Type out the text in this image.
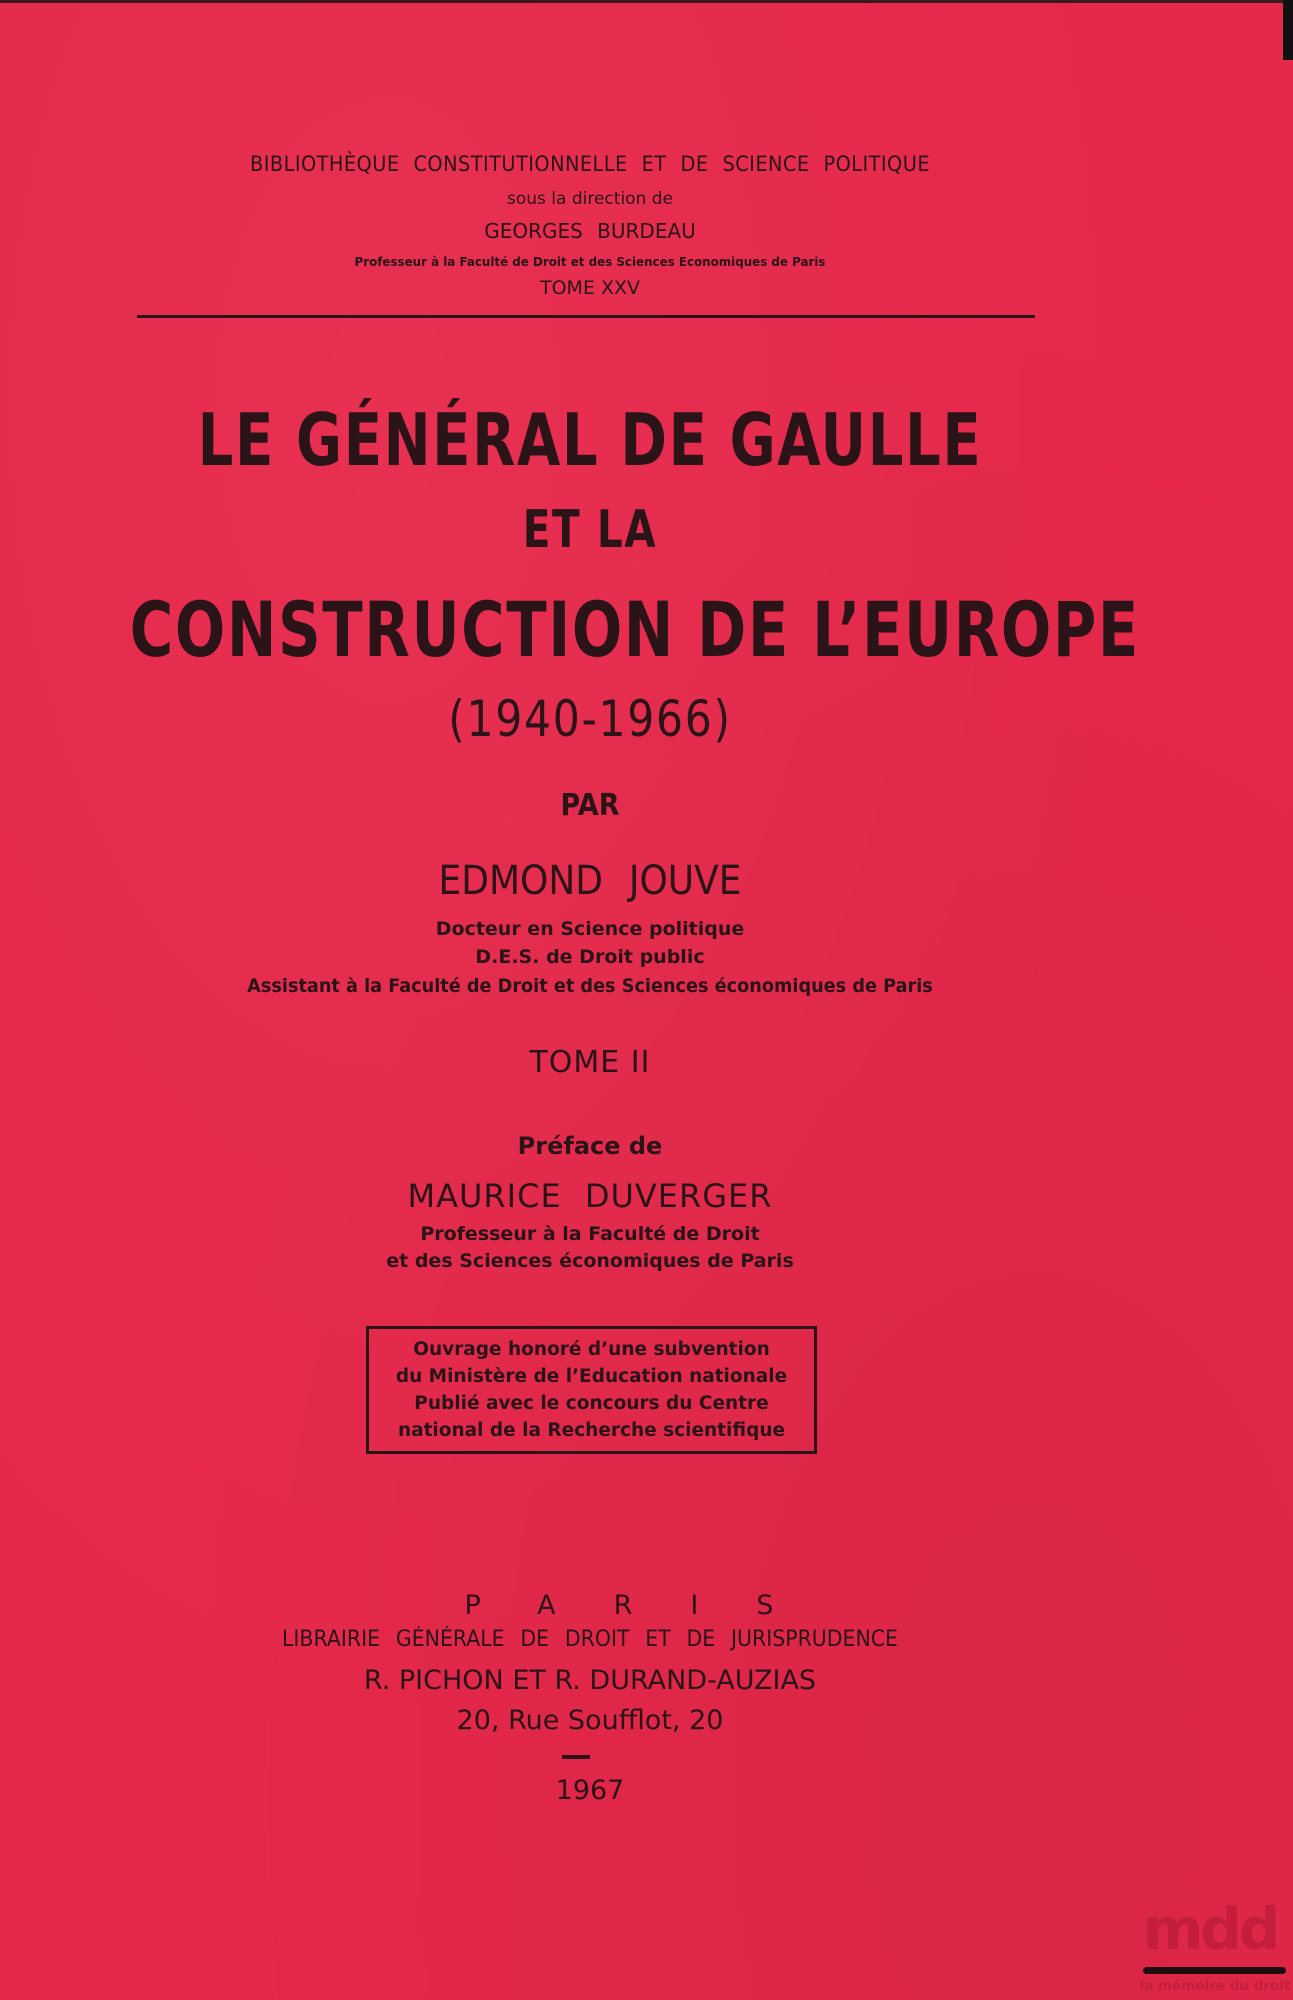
BIBLIOTHÈQUE CONSTITUTIONNELLE ET DE SCIENCE POLITIQUE
sous la direction de
GEORGES BURDEAU
Professeur à la Faculté de Droit et des Sciences Economiques de Paris
TOME XXV
LE GÉNÉRAL DE GAULLE
ET LA
CONSTRUCTION DE L’EUROPE
(1940-1966)
PAR
EDMOND JOUVE
Docteur en Science politique
D.E.S. de Droit public
Assistant à la Faculté de Droit et des Sciences économiques de Paris
TOME II
Préface de
MAURICE DUVERGER
Professeur à la Faculté de Droit
et des Sciences économiques de Paris
Ouvrage honoré d’une subvention
du Ministère de l’Education nationale
Publié avec le concours du Centre
national de la Recherche scientifique
PARIS
LIBRAIRIE GÉNÉRALE DE DROIT ET DE JURISPRUDENCE
R. PICHON ET R. DURAND-AUZIAS
20, Rue Soufflot, 20
1967
mdd
la mémoire du droit
